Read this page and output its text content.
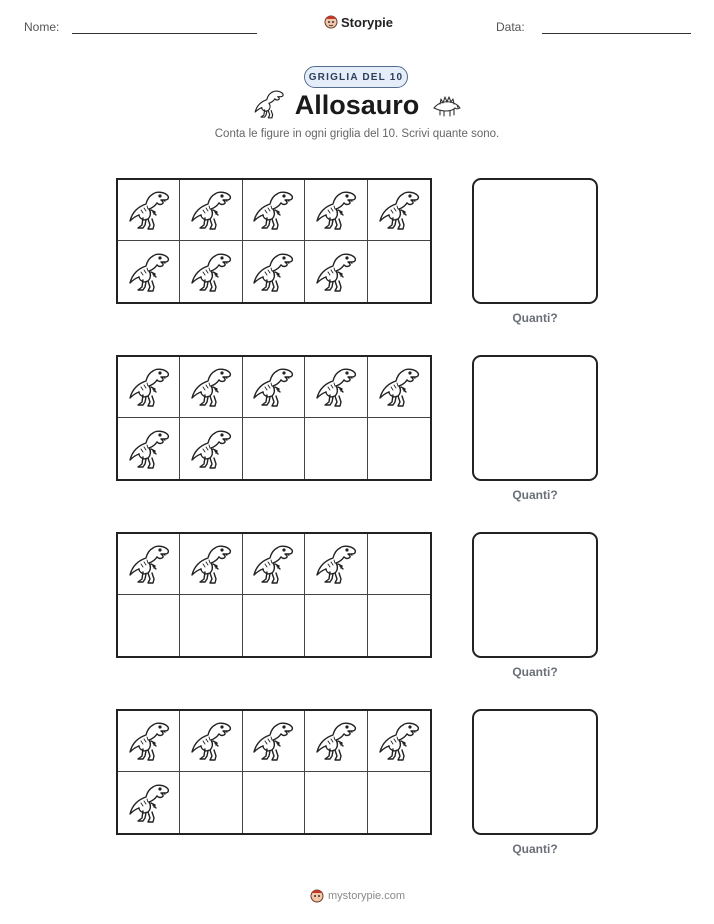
Nome:	Storypie	Data:
GRIGLIA DEL 10
Allosauro
Conta le figure in ogni griglia del 10. Scrivi quante sono.
Quanti?
Quanti?
Quanti?
Quanti?
mystorypie.com
